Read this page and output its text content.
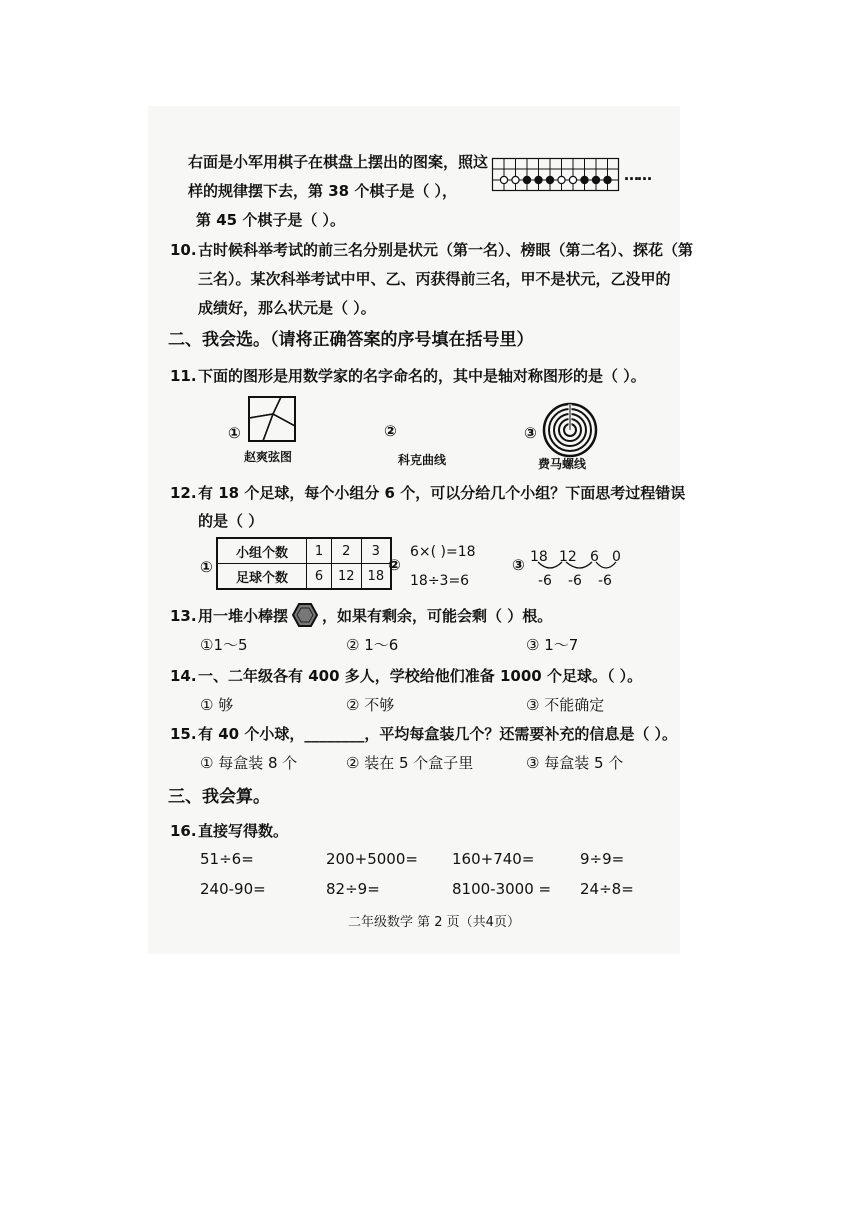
右面是小军用棋子在棋盘上摆出的图案，照这
样的规律摆下去，第 38 个棋子是（ ），
第 45 个棋子是（ ）。
……
10. 古时候科举考试的前三名分别是状元（第一名）、榜眼（第二名）、探花（第
三名）。某次科举考试中甲、乙、丙获得前三名，甲不是状元，乙没甲的
成绩好，那么状元是（ ）。
二、我会选。（请将正确答案的序号填在括号里）
11. 下面的图形是用数学家的名字命名的，其中是轴对称图形的是（ ）。
①
赵爽弦图
②
科克曲线
③
费马螺线
12. 有 18 个足球，每个小组分 6 个，可以分给几个小组？下面思考过程错误
的是（ ）
①
小组个数	1	2	3
足球个数	6	12	18
②
6×( )=18
18÷3=6
③ 18 12 6 0
-6 -6 -6
13. 用一堆小棒摆 ，如果有剩余，可能会剩（ ）根。
①1～5	② 1～6	③ 1～7
14. 一、二年级各有 400 多人，学校给他们准备 1000 个足球。（ ）。
① 够	② 不够	③ 不能确定
15. 有 40 个小球，________，平均每盒装几个？还需要补充的信息是（ ）。
① 每盒装 8 个	② 装在 5 个盒子里	③ 每盒装 5 个
三、我会算。
16. 直接写得数。
51÷6=	200+5000= 160+740=	9÷9=
240-90=	82÷9=	8100-3000 = 24÷8=
二年级数学 第 2 页（共4页）
